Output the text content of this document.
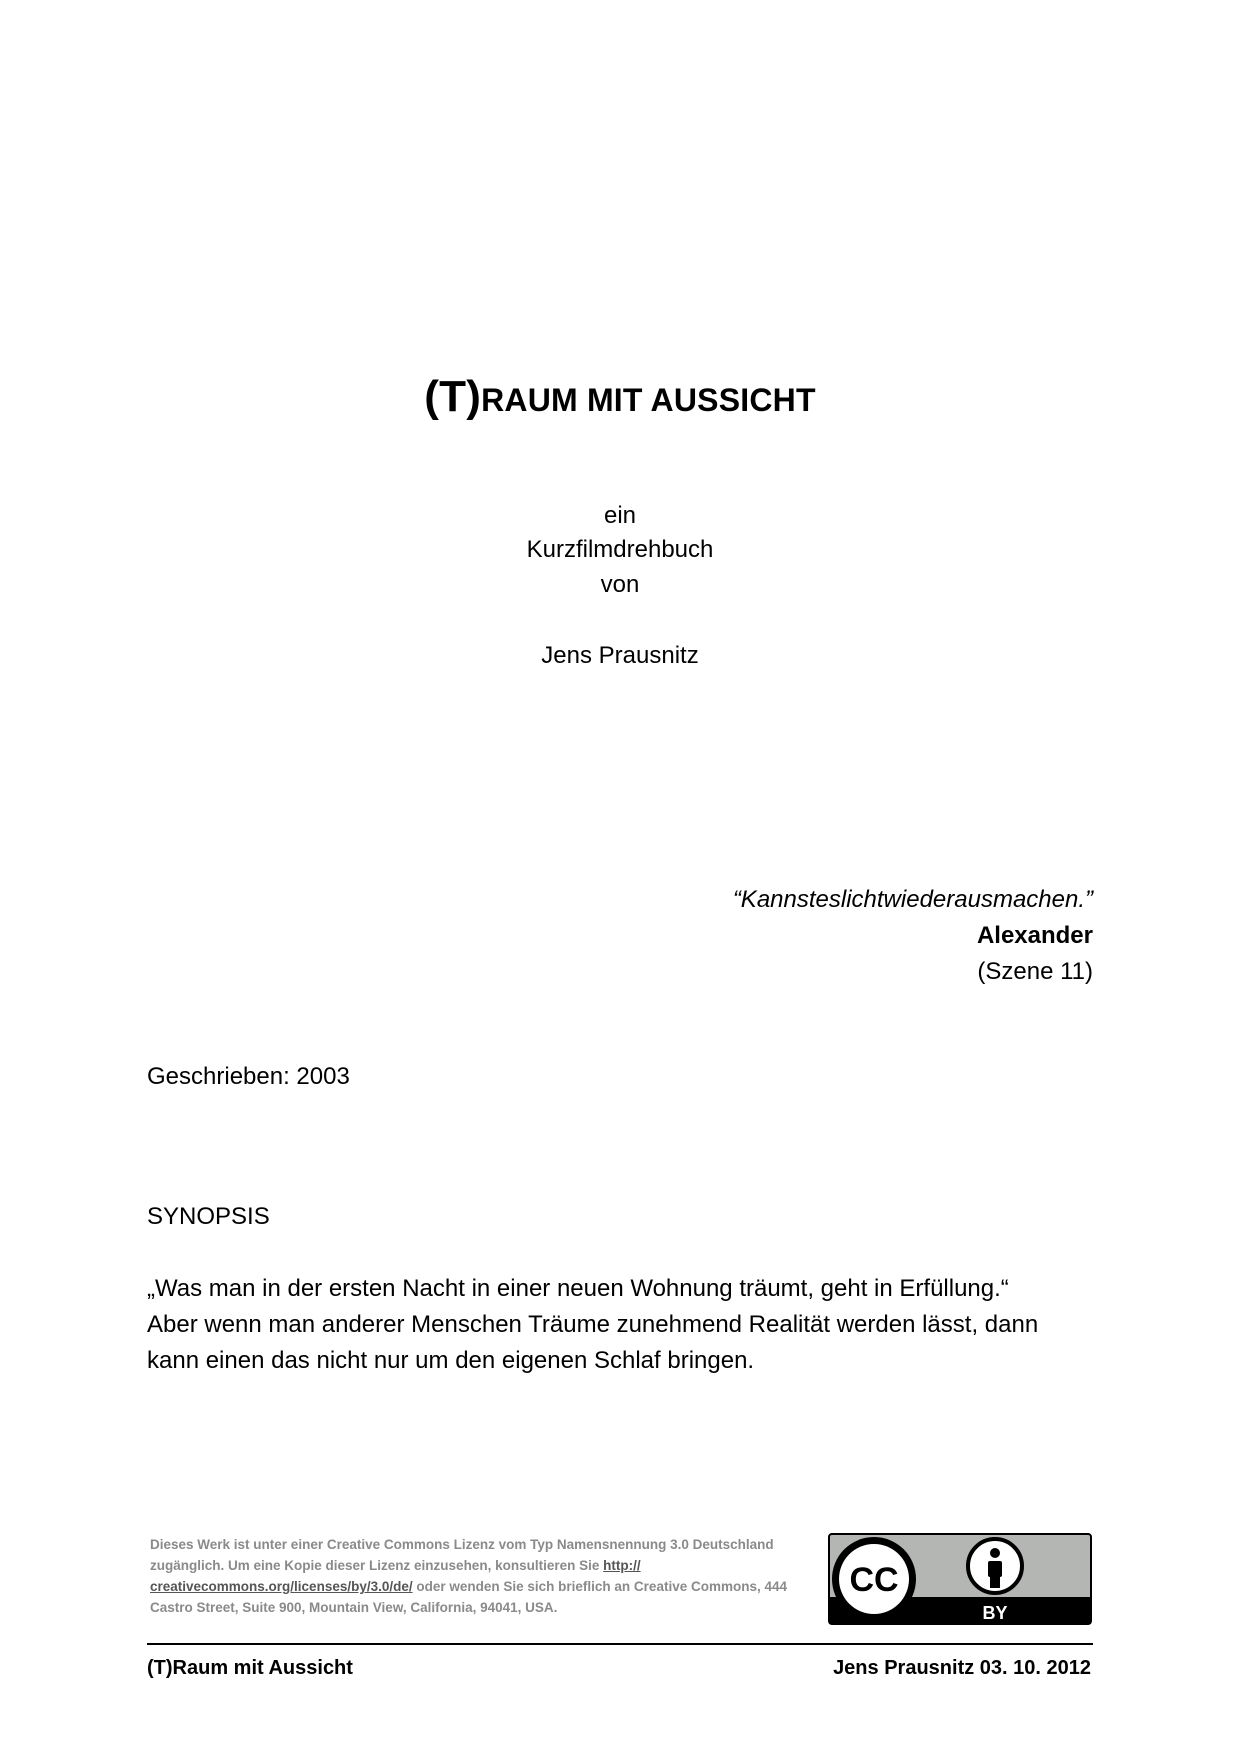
(T)RAUM MIT AUSSICHT
ein
Kurzfilmdrehbuch
von
Jens Prausnitz
“Kannsteslichtwiederausmachen.”
Alexander
(Szene 11)
Geschrieben: 2003
SYNOPSIS

„Was man in der ersten Nacht in einer neuen Wohnung träumt, geht in Erfüllung.“

Aber wenn man anderer Menschen Träume zunehmend Realität werden lässt, dann

kann einen das nicht nur um den eigenen Schlaf bringen.

Dieses Werk ist unter einer Creative Commons Lizenz vom Typ Namensnennung 3.0 Deutschland zugänglich. Um eine Kopie dieser Lizenz einzusehen, konsultieren Sie http://
creativecommons.org/licenses/by/3.0/de/ oder wenden Sie sich brieflich an Creative Commons, 444 Castro Street, Suite 900, Mountain View, California, 94041, USA.
CC
BY
(T)Raum mit Aussicht	Jens Prausnitz 03. 10. 2012
